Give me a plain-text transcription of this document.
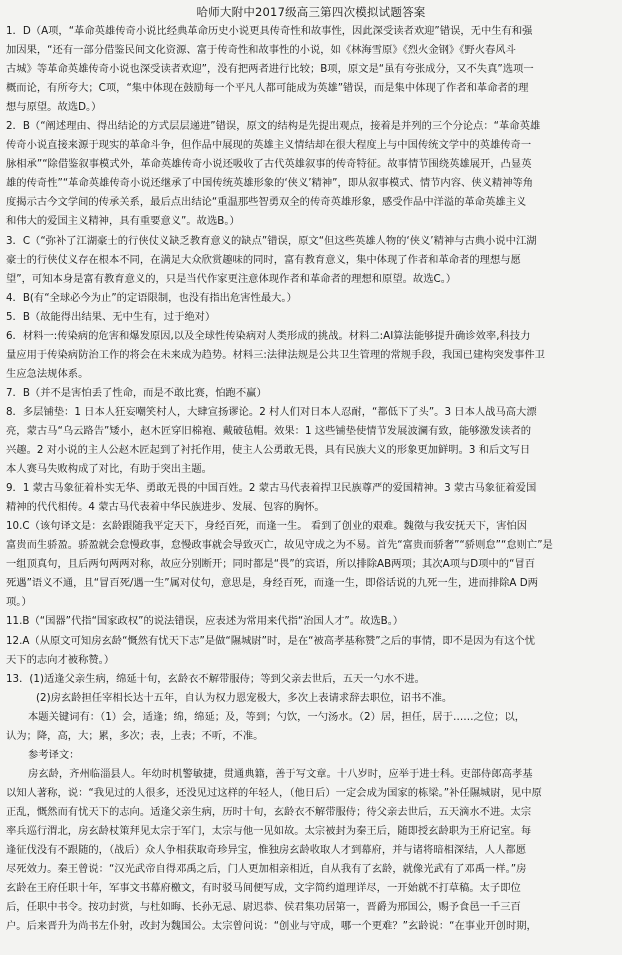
哈师大附中2017级高三第四次模拟试题答案
1．D（A项，“革命英雄传奇小说比经典革命历史小说更具传奇性和故事性，因此深受读者欢迎”错误，无中生有和强
加因果，“还有一部分借鉴民间文化资源、富于传奇性和故事性的小说，如《林海雪原》《烈火金钢》《野火春风斗
古城》等革命英雄传奇小说也深受读者欢迎”，没有把两者进行比较；B项，原文是“虽有夸张成分，又不失真”选项一
概而论，有所夸大；C项，“集中体现在鼓励每一个平凡人都可能成为英雄”错误，而是集中体现了作者和革命者的理
想与原望。故选D。）
2．B（“阐述理由、得出结论的方式层层递进”错误，原文的结构是先提出观点，接着是并列的三个分论点：“革命英雄
传奇小说直接来源于现实的革命斗争，但作品中展现的英雄主义情结却在很大程度上与中国传统文学中的英雄传奇一
脉相承”“除借鉴叙事模式外，革命英雄传奇小说还吸收了古代英雄叙事的传奇特征。故事情节围绕英雄展开，凸显英
雄的传奇性”“革命英雄传奇小说还继承了中国传统英雄形象的‘侠义’精神”，即从叙事模式、情节内容、侠义精神等角
度揭示古今文学间的传承关系，最后点出结论“重温那些智勇双全的传奇英雄形象，感受作品中洋溢的革命英雄主义
和伟大的爱国主义精神，具有重要意义”。故选B。）
3．C（“弥补了江湖豪士的行侠仗义缺乏教育意义的缺点”错误，原文“但这些英雄人物的‘侠义’精神与古典小说中江湖
豪士的行侠仗义存在根本不同，在满足大众欣赏趣味的同时，富有教育意义，集中体现了作者和革命者的理想与愿
望”，可知本身是富有教育意义的，只是当代作家更注意体现作者和革命者的理想和原望。故选C。）
4．B(有“全球必今为止”的定语限制，也没有指出危害性最大。）
5．B（故能得出结果、无中生有，过于绝对）
6．材料一:传染病的危害和爆发原因,以及全球性传染病对人类形成的挑战。材料二:AI算法能够提升确诊效率,科技力
量应用于传染病防治工作的将会在未来成为趋势。材料三:法律法规是公共卫生管理的常规手段，我国已建构突发事件卫
生应急法规体系。
7．B（并不是害怕丢了性命，而是不敢比赛，怕跑不赢）
8．多层铺垫：1 日本人狂妄嘲笑村人，大肆宣扬谬论。2 村人们对日本人忍耐，“都低下了头”。3 日本人战马高大漂
亮，蒙古马“乌云路告”矮小，赵木匠穿旧棉袍、戴破毡帽。效果：1 这些铺垫使情节发展波澜有致，能够激发读者的
兴趣。2 对小说的主人公赵木匠起到了衬托作用，使主人公勇敢无畏，具有民族大义的形象更加鲜明。3 和后文写日
本人赛马失败构成了对比，有助于突出主题。
9．1 蒙古马象征着朴实无华、勇敢无畏的中国百姓。2 蒙古马代表着捍卫民族尊严的爱国精神。3 蒙古马象征着爱国
精神的代代相传。4 蒙古马代表着中华民族进步、发展、包容的胸怀。
10.C（该句译文是：玄龄跟随我平定天下，身经百死，而逢一生。 看到了创业的艰难。魏徵与我安抚天下，害怕因
富贵而生骄盈。骄盈就会怠慢政事，怠慢政事就会导致灭亡，故见守成之为不易。首先“富贵而骄奢”“骄则怠”“怠则亡”是
一组顶真句，且后两句两两对称，故应分别断开；同时都是“畏”的宾语，所以排除AB两项；其次A项与D项中的“冒百
死遇”语义不通，且“冒百死/遇一生”属对仗句，意思是，身经百死，而逢一生，即俗话说的九死一生，进而排除A D两
项。）
11.B（“国器”代指“国家政权”的说法错误，应表述为常用来代指“治国人才”。故选B。）
12.A（从原文可知房玄龄“慨然有忧天下志”是做“隰城尉”时，是在“被高孝基称赞”之后的事情，即不是因为有这个忧
天下的志向才被称赞。）
13．(1)适逢父亲生病，绵延十旬，玄龄衣不解带服侍；等到父亲去世后，五天一勺水不进。
(2)房玄龄担任宰相长达十五年，自认为权力恩宠极大，多次上表请求辞去职位，诏书不准。
本题关键词有：（1）会，适逢；绵，绵延；及，等到；勺饮，一勺汤水。（2）居，担任，居于……之位；以，
认为；降，高，大；累，多次；表，上表；不听，不准。
参考译文：
房玄龄，齐州临淄县人。年幼时机警敏捷，贯通典籍，善于写文章。十八岁时，应举于进士科。吏部侍郎高孝基
以知人著称，说：“我见过的人很多，还没见过这样的年轻人，（他日后）一定会成为国家的栋梁。”补任隰城尉，见中原
正乱，慨然而有忧天下的志向。适逢父亲生病，历时十旬，玄龄衣不解带服侍；待父亲去世后，五天滴水不进。太宗
率兵巡行渭北，房玄龄杖策拜见太宗于军门，太宗与他一见如故。太宗被封为秦王后，随即授玄龄职为王府记室。每
逢征伐没有不跟随的，（战后）众人争相获取奇珍异宝，惟独房玄龄收取人才到幕府，并与诸将暗相深结，人人都愿
尽死效力。秦王曾说：“汉光武帝自得邓禹之后，门人更加相亲相近，自从我有了玄龄，就像光武有了邓禹一样。”房
玄龄在王府任职十年，军事文书幕府檄文，有时驳马间便写成，文字简约道理详尽，一开始就不打草稿。太子即位
后，任职中书令。按功封赏，与杜如晦、长孙无忌、尉迟恭、侯君集功居第一，晋爵为邢国公，赐予食邑一千三百
户。后来晋升为尚书左仆射，改封为魏国公。太宗曾问说：“创业与守成，哪一个更难？”玄龄说：“在事业开创时期，
